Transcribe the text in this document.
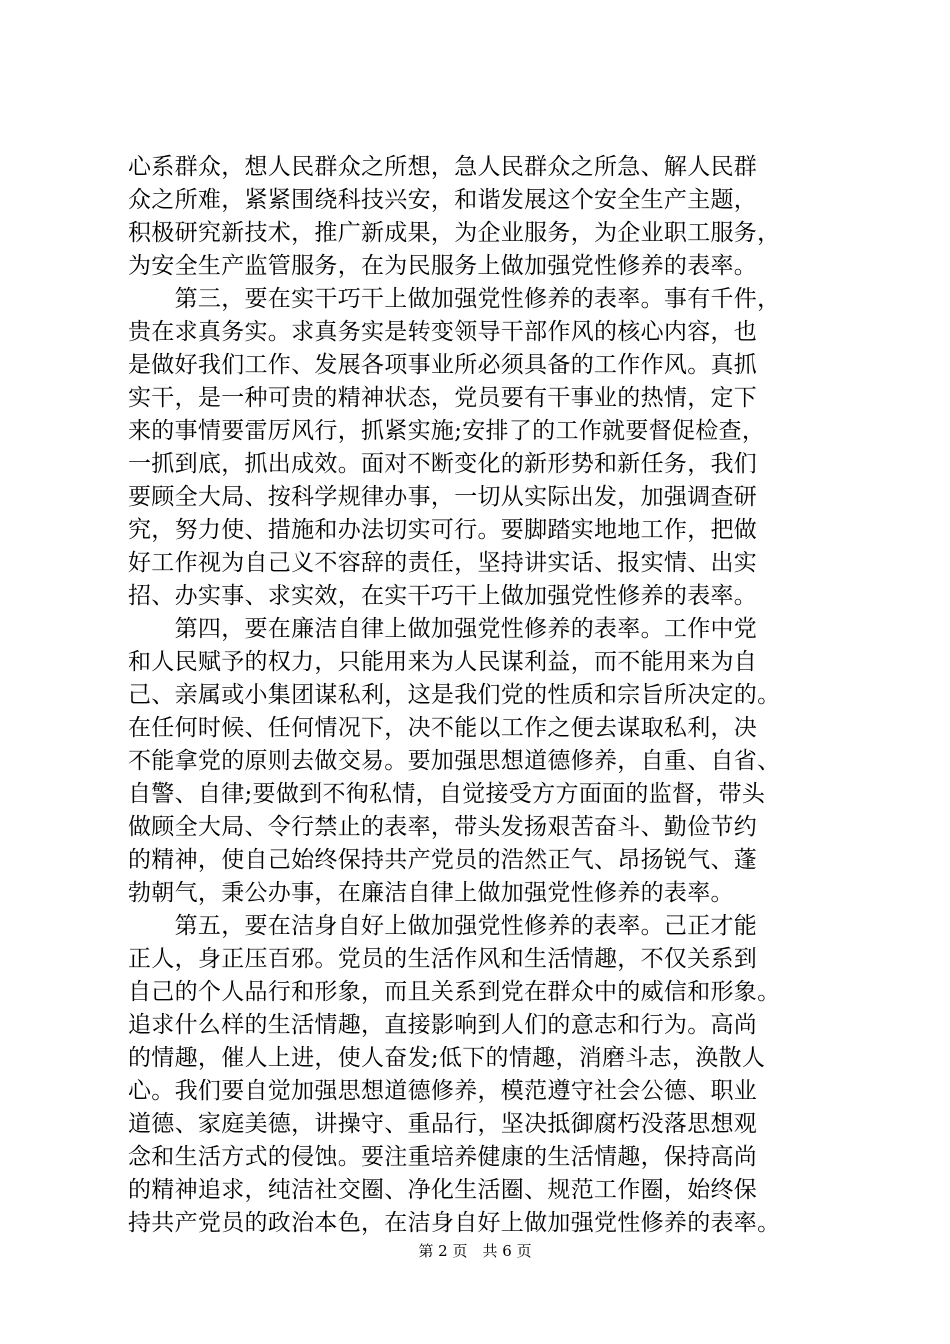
心系群众，想人民群众之所想，急人民群众之所急、解人民群
众之所难，紧紧围绕科技兴安，和谐发展这个安全生产主题，
积极研究新技术，推广新成果，为企业服务，为企业职工服务，
为安全生产监管服务，在为民服务上做加强党性修养的表率。
　　第三，要在实干巧干上做加强党性修养的表率。事有千件，
贵在求真务实。求真务实是转变领导干部作风的核心内容，也
是做好我们工作、发展各项事业所必须具备的工作作风。真抓
实干，是一种可贵的精神状态，党员要有干事业的热情，定下
来的事情要雷厉风行，抓紧实施;安排了的工作就要督促检查，
一抓到底，抓出成效。面对不断变化的新形势和新任务，我们
要顾全大局、按科学规律办事，一切从实际出发，加强调查研
究，努力使、措施和办法切实可行。要脚踏实地地工作，把做
好工作视为自己义不容辞的责任，坚持讲实话、报实情、出实
招、办实事、求实效，在实干巧干上做加强党性修养的表率。
　　第四，要在廉洁自律上做加强党性修养的表率。工作中党
和人民赋予的权力，只能用来为人民谋利益，而不能用来为自
己、亲属或小集团谋私利，这是我们党的性质和宗旨所决定的。
在任何时候、任何情况下，决不能以工作之便去谋取私利，决
不能拿党的原则去做交易。要加强思想道德修养，自重、自省、
自警、自律;要做到不徇私情，自觉接受方方面面的监督，带头
做顾全大局、令行禁止的表率，带头发扬艰苦奋斗、勤俭节约
的精神，使自己始终保持共产党员的浩然正气、昂扬锐气、蓬
勃朝气，秉公办事，在廉洁自律上做加强党性修养的表率。
　　第五，要在洁身自好上做加强党性修养的表率。己正才能
正人，身正压百邪。党员的生活作风和生活情趣，不仅关系到
自己的个人品行和形象，而且关系到党在群众中的威信和形象。
追求什么样的生活情趣，直接影响到人们的意志和行为。高尚
的情趣，催人上进，使人奋发;低下的情趣，消磨斗志，涣散人
心。我们要自觉加强思想道德修养，模范遵守社会公德、职业
道德、家庭美德，讲操守、重品行，坚决抵御腐朽没落思想观
念和生活方式的侵蚀。要注重培养健康的生活情趣，保持高尚
的精神追求，纯洁社交圈、净化生活圈、规范工作圈，始终保
持共产党员的政治本色，在洁身自好上做加强党性修养的表率。
第 2 页　共 6 页
